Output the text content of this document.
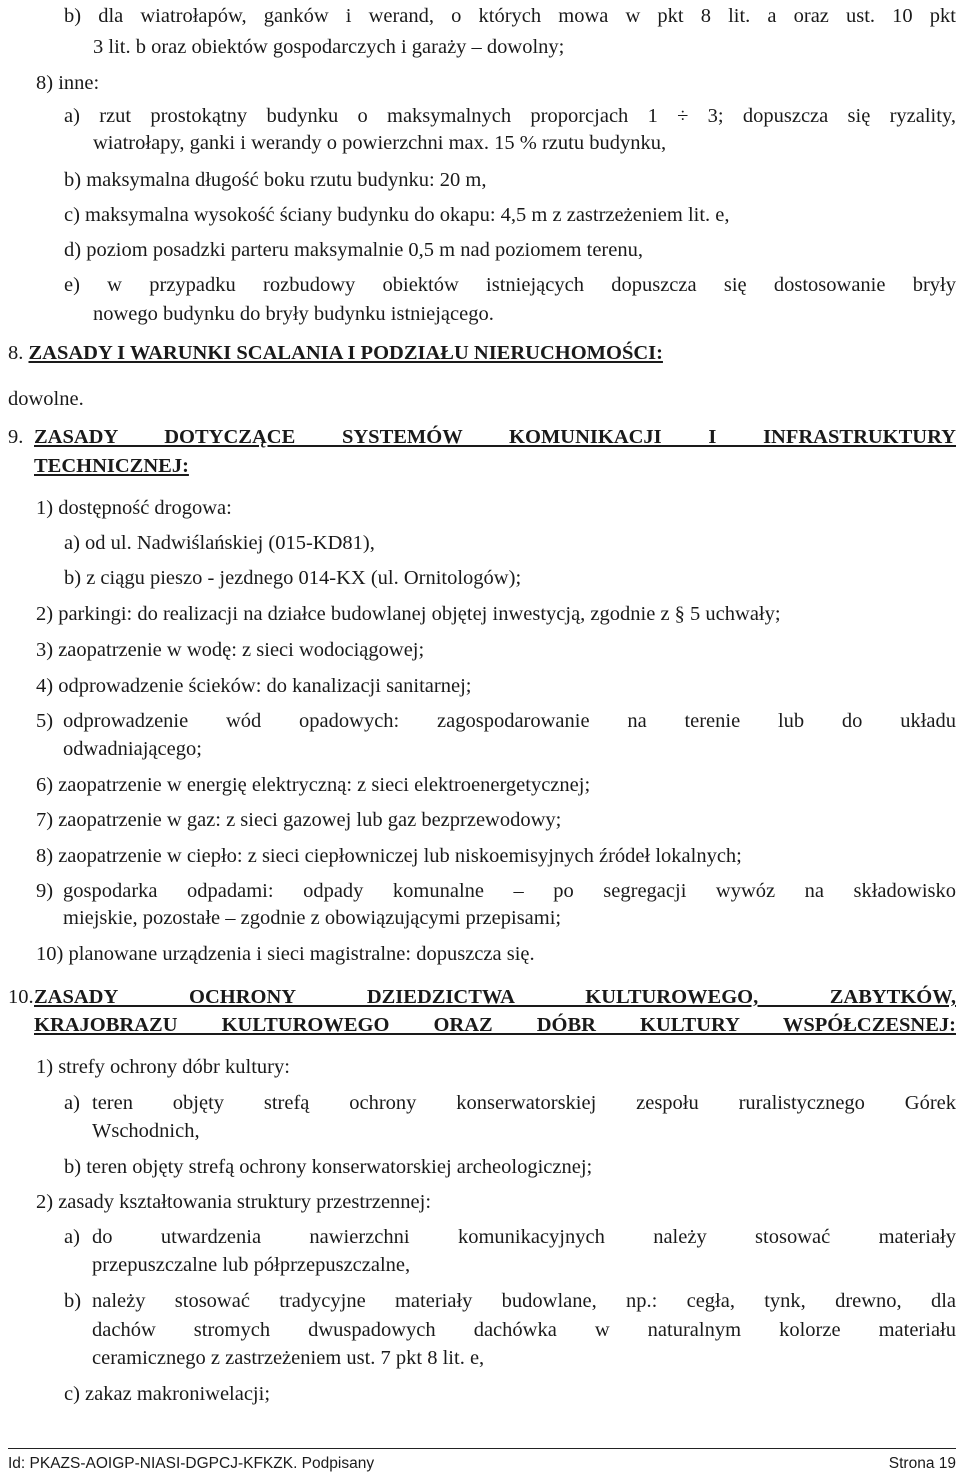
b) dla wiatrołapów, ganków i werand, o których mowa w pkt 8 lit. a oraz ust. 10 pkt
3 lit. b oraz obiektów gospodarczych i garaży – dowolny;
8) inne:
a) rzut prostokątny budynku o maksymalnych proporcjach 1 ÷ 3; dopuszcza się ryzality,
wiatrołapy, ganki i werandy o powierzchni max. 15 % rzutu budynku,
b) maksymalna długość boku rzutu budynku: 20 m,
c) maksymalna wysokość ściany budynku do okapu: 4,5 m z zastrzeżeniem lit. e,
d) poziom posadzki parteru maksymalnie 0,5 m nad poziomem terenu,
e) w przypadku rozbudowy obiektów istniejących dopuszcza się dostosowanie bryły
nowego budynku do bryły budynku istniejącego.
8. ZASADY I WARUNKI SCALANIA I PODZIAŁU NIERUCHOMOŚCI:
dowolne.
9. ZASADY DOTYCZĄCE SYSTEMÓW KOMUNIKACJI I INFRASTRUKTURY
TECHNICZNEJ:
1) dostępność drogowa:
a) od ul. Nadwiślańskiej (015-KD81),
b) z ciągu pieszo - jezdnego 014-KX (ul. Ornitologów);
2) parkingi: do realizacji na działce budowlanej objętej inwestycją, zgodnie z § 5 uchwały;
3) zaopatrzenie w wodę: z sieci wodociągowej;
4) odprowadzenie ścieków: do kanalizacji sanitarnej;
5) odprowadzenie wód opadowych: zagospodarowanie na terenie lub do układu
odwadniającego;
6) zaopatrzenie w energię elektryczną: z sieci elektroenergetycznej;
7) zaopatrzenie w gaz: z sieci gazowej lub gaz bezprzewodowy;
8) zaopatrzenie w ciepło: z sieci ciepłowniczej lub niskoemisyjnych źródeł lokalnych;
9) gospodarka odpadami: odpady komunalne – po segregacji wywóz na składowisko
miejskie, pozostałe – zgodnie z obowiązującymi przepisami;
10) planowane urządzenia i sieci magistralne: dopuszcza się.
10. ZASADY OCHRONY DZIEDZICTWA KULTUROWEGO, ZABYTKÓW,
KRAJOBRAZU KULTUROWEGO ORAZ DÓBR KULTURY WSPÓŁCZESNEJ:
1) strefy ochrony dóbr kultury:
a) teren objęty strefą ochrony konserwatorskiej zespołu ruralistycznego Górek
Wschodnich,
b) teren objęty strefą ochrony konserwatorskiej archeologicznej;
2) zasady kształtowania struktury przestrzennej:
a) do utwardzenia nawierzchni komunikacyjnych należy stosować materiały
przepuszczalne lub półprzepuszczalne,
b) należy stosować tradycyjne materiały budowlane, np.: cegła, tynk, drewno, dla
dachów stromych dwuspadowych dachówka w naturalnym kolorze materiału
ceramicznego z zastrzeżeniem ust. 7 pkt 8 lit. e,
c) zakaz makroniwelacji;
Id: PKAZS-AOIGP-NIASI-DGPCJ-KFKZK. Podpisany	Strona 19
